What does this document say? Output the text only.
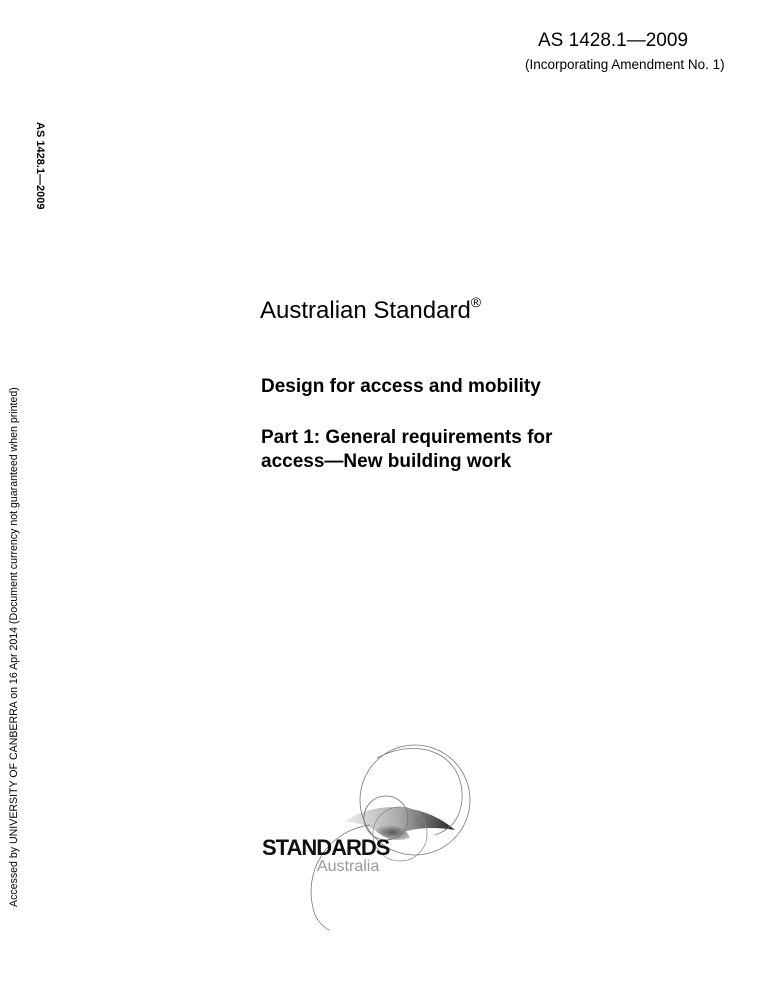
AS 1428.1—2009
(Incorporating Amendment No. 1)
AS 1428.1—2009
Accessed by UNIVERSITY OF CANBERRA on 16 Apr 2014 (Document currency not guaranteed when printed)
Australian Standard®
Design for access and mobility
Part 1: General requirements for
access—New building work
STANDARDS
Australia
